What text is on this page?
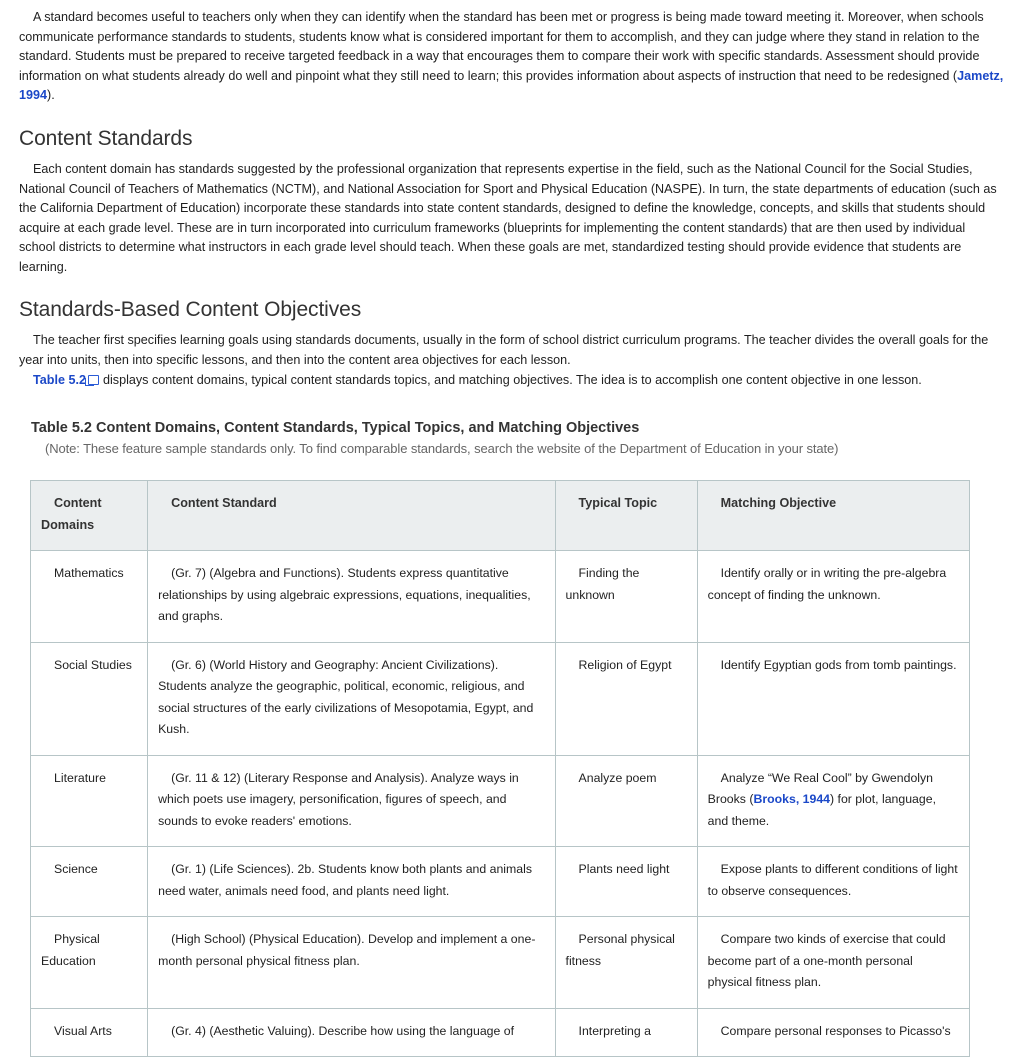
A standard becomes useful to teachers only when they can identify when the standard has been met or progress is being made toward meeting it. Moreover, when schools communicate performance standards to students, students know what is considered important for them to accomplish, and they can judge where they stand in relation to the standard. Students must be prepared to receive targeted feedback in a way that encourages them to compare their work with specific standards. Assessment should provide information on what students already do well and pinpoint what they still need to learn; this provides information about aspects of instruction that need to be redesigned (Jametz, 1994).

Content Standards

Each content domain has standards suggested by the professional organization that represents expertise in the field, such as the National Council for the Social Studies, National Council of Teachers of Mathematics (NCTM), and National Association for Sport and Physical Education (NASPE). In turn, the state departments of education (such as the California Department of Education) incorporate these standards into state content standards, designed to define the knowledge, concepts, and skills that students should acquire at each grade level. These are in turn incorporated into curriculum frameworks (blueprints for implementing the content standards) that are then used by individual school districts to determine what instructors in each grade level should teach. When these goals are met, standardized testing should provide evidence that students are learning.

Standards-Based Content Objectives

The teacher first specifies learning goals using standards documents, usually in the form of school district curriculum programs. The teacher divides the overall goals for the year into units, then into specific lessons, and then into the content area objectives for each lesson.

Table 5.2 displays content domains, typical content standards topics, and matching objectives. The idea is to accomplish one content objective in one lesson.

Table 5.2 Content Domains, Content Standards, Typical Topics, and Matching Objectives
(Note: These feature sample standards only. To find comparable standards, search the website of the Department of Education in your state)
Content Domains	Content Standard	Typical Topic	Matching Objective
Mathematics	(Gr. 7) (Algebra and Functions). Students express quantitative relationships by using algebraic expressions, equations, inequalities, and graphs.	Finding the unknown	Identify orally or in writing the pre-algebra concept of finding the unknown.
Social Studies	(Gr. 6) (World History and Geography: Ancient Civilizations). Students analyze the geographic, political, economic, religious, and social structures of the early civilizations of Mesopotamia, Egypt, and Kush.	Religion of Egypt	Identify Egyptian gods from tomb paintings.
Literature	(Gr. 11 & 12) (Literary Response and Analysis). Analyze ways in which poets use imagery, personification, figures of speech, and sounds to evoke readers' emotions.	Analyze poem	Analyze “We Real Cool” by Gwendolyn Brooks (Brooks, 1944) for plot, language, and theme.
Science	(Gr. 1) (Life Sciences). 2b. Students know both plants and animals need water, animals need food, and plants need light.	Plants need light	Expose plants to different conditions of light to observe consequences.
Physical Education	(High School) (Physical Education). Develop and implement a one-month personal physical fitness plan.	Personal physical fitness	Compare two kinds of exercise that could become part of a one-month personal physical fitness plan.
Visual Arts	(Gr. 4) (Aesthetic Valuing). Describe how using the language of	Interpreting a	Compare personal responses to Picasso's
